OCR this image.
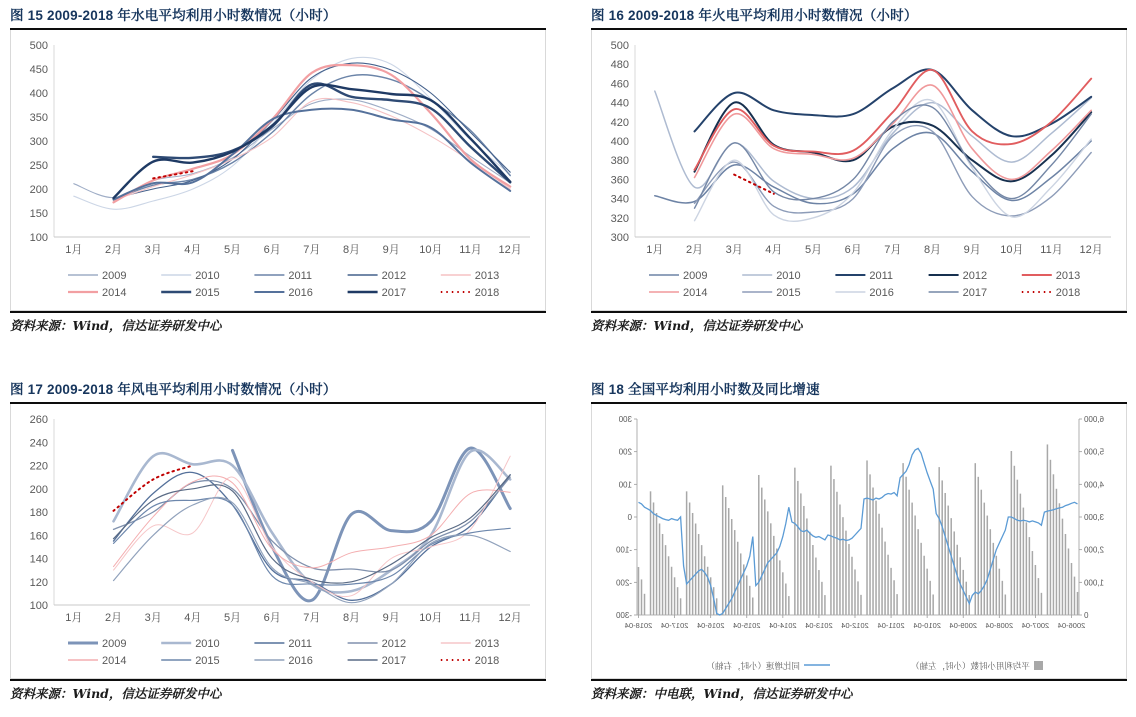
图 15 2009-2018 年水电平均利用小时数情况（小时）
100
150
200
250
300
350
400
450
500
1月 2月 3月 4月 5月 6月 7月 8月 9月 10月 11月 12月
2009	2010	2011	2012	2013
2014	2015	2016	2017	2018
资料来源：Wind，信达证券研发中心
图 16 2009-2018 年火电平均利用小时数情况（小时）
300
320
340
360
380
400
420
440
460
480
500
1月 2月 3月 4月 5月 6月 7月 8月 9月 10月 11月 12月
2009	2010	2011	2012	2013
2014	2015	2016	2017	2018
资料来源：Wind，信达证券研发中心
图 17 2009-2018 年风电平均利用小时数情况（小时）
100
120
140
160
180
200
220
240
260
1月 2月 3月 4月 5月 6月 7月 8月 9月 10月 11月 12月
2009	2010	2011	2012	2013
2014	2015	2016	2017	2018
资料来源：Wind，信达证券研发中心
图 18 全国平均利用小时数及同比增速
0
1,000
2,000
3,000
4,000
5,000
6,000
-300
-200
-100
0
100
200
300
2006-04
2007-04
2008-04
2009-04
2010-04
2011-04
2012-04
2013-04
2014-04
2015-04
2016-04
2017-04
2018-04
平均利用小时数（小时，左轴）
同比增速（小时，右轴）
资料来源：中电联，Wind，信达证券研发中心
